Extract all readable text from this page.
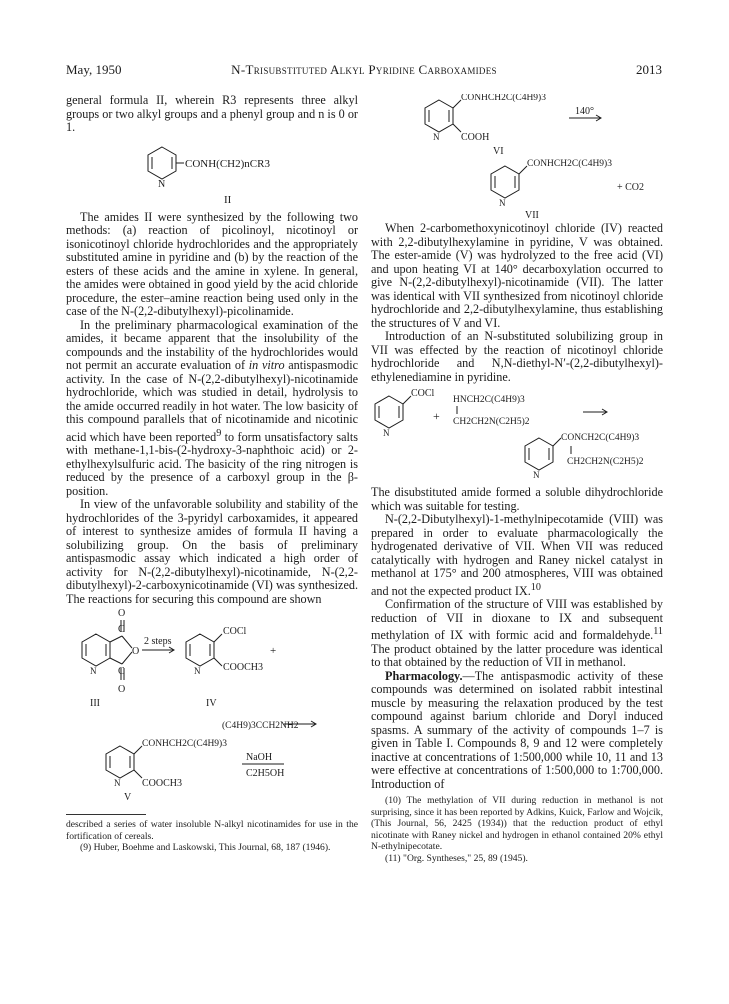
May, 1950	N-Trisubstituted Alkyl Pyridine Carboxamides	2013

general formula II, wherein R3 represents three alkyl groups or two alkyl groups and a phenyl group and n is 0 or 1.

CONH(CH2)nCR3
N
II

The amides II were synthesized by the following two methods: (a) reaction of picolinoyl, nicotinoyl or isonicotinoyl chloride hydrochlorides and the appropriately substituted amine in pyridine and (b) by the reaction of the esters of these acids and the amine in xylene. In general, the amides were obtained in good yield by the acid chloride procedure, the ester–amine reaction being used only in the case of the N-(2,2-dibutylhexyl)-picolinamide.

In the preliminary pharmacological examination of the amides, it became apparent that the insolubility of the compounds and the instability of the hydrochlorides would not permit an accurate evaluation of in vitro antispasmodic activity. In the case of N-(2,2-dibutylhexyl)-nicotinamide hydrochloride, which was studied in detail, hydrolysis to the amide occurred readily in hot water. The low basicity of this compound parallels that of nicotinamide and nicotinic acid which have been reported$^9$ to form unsatisfactory salts with methane-1,1-bis-(2-hydroxy-3-naphthoic acid) or 2-ethylhexylsulfuric acid. The basicity of the ring nitrogen is reduced by the presence of a carboxyl group in the β-position.

In view of the unfavorable solubility and stability of the hydrochlorides of the 3-pyridyl carboxamides, it appeared of interest to synthesize amides of formula II having a solubilizing group. On the basis of preliminary antispasmodic assay which indicated a high order of activity for N-(2,2-dibutylhexyl)-nicotinamide, N-(2,2-dibutylhexyl)-2-carboxynicotinamide (VI) was synthesized. The reactions for securing this compound are shown

O
C
O
C
O
N
2 steps
COCl
+
COOCH3
N
III	IV
(C4H9)3CCH2NH2
CONHCH2C(C4H9)3
NaOH
C2H5OH
COOCH3
N
V

described a series of water insoluble N-alkyl nicotinamides for use in the fortification of cereals.

(9) Huber, Boehme and Laskowski, This Journal, 68, 187 (1946).

CONHCH2C(C4H9)3
140°
COOH
N
VI
CONHCH2C(C4H9)3
+ CO2
N
VII

When 2-carbomethoxynicotinoyl chloride (IV) reacted with 2,2-dibutylhexylamine in pyridine, V was obtained. The ester-amide (V) was hydrolyzed to the free acid (VI) and upon heating VI at 140° decarboxylation occurred to give N-(2,2-dibutylhexyl)-nicotinamide (VII). The latter was identical with VII synthesized from nicotinoyl chloride hydrochloride and 2,2-dibutylhexylamine, thus establishing the structures of V and VI.

Introduction of an N-substituted solubilizing group in VII was effected by the reaction of nicotinoyl chloride hydrochloride and N,N-diethyl-N′-(2,2-dibutylhexyl)-ethylenediamine in pyridine.

COCl
N
+
HNCH2C(C4H9)3
CH2CH2N(C2H5)2
CONCH2C(C4H9)3
CH2CH2N(C2H5)2
N

The disubstituted amide formed a soluble dihydrochloride which was suitable for testing.

N-(2,2-Dibutylhexyl)-1-methylnipecotamide (VIII) was prepared in order to evaluate pharmacologically the hydrogenated derivative of VII. When VII was reduced catalytically with hydrogen and Raney nickel catalyst in methanol at 175° and 200 atmospheres, VIII was obtained and not the expected product IX.$^{10}$

Confirmation of the structure of VIII was established by reduction of VII in dioxane to IX and subsequent methylation of IX with formic acid and formaldehyde.$^{11}$ The product obtained by the latter procedure was identical to that obtained by the reduction of VII in methanol.

Pharmacology.—The antispasmodic activity of these compounds was determined on isolated rabbit intestinal muscle by measuring the relaxation produced by the test compound against barium chloride and Doryl induced spasms. A summary of the activity of compounds 1–7 is given in Table I. Compounds 8, 9 and 12 were completely inactive at concentrations of 1:500,000 while 10, 11 and 13 were effective at concentrations of 1:500,000 to 1:700,000. Introduction of

(10) The methylation of VII during reduction in methanol is not surprising, since it has been reported by Adkins, Kuick, Farlow and Wojcik, (This Journal, 56, 2425 (1934)) that the reduction product of ethyl nicotinate with Raney nickel and hydrogen in ethanol contained 20% ethyl N-ethylnipecotate.

(11) "Org. Syntheses," 25, 89 (1945).
